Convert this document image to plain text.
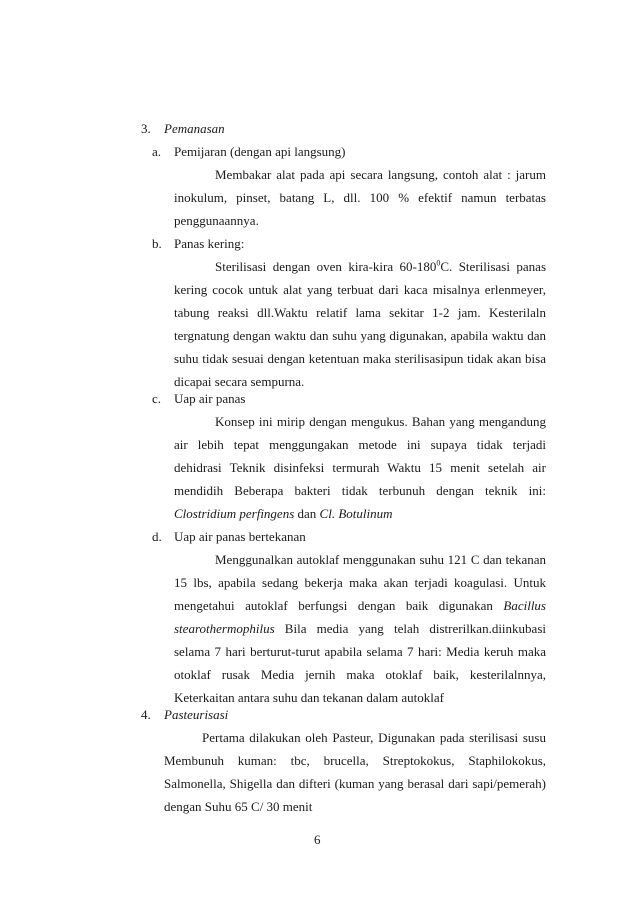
3. Pemanasan
a. Pemijaran (dengan api langsung)
Membakar alat pada api secara langsung, contoh alat : jarum
inokulum, pinset, batang L, dll. 100 % efektif namun terbatas
penggunaannya.
b. Panas kering:
Sterilisasi dengan oven kira-kira $60-180^0C$. Sterilisasi panas
kering cocok untuk alat yang terbuat dari kaca misalnya erlenmeyer,
tabung reaksi dll.Waktu relatif lama sekitar 1-2 jam. Kesterilaln
tergnatung dengan waktu dan suhu yang digunakan, apabila waktu dan
suhu tidak sesuai dengan ketentuan maka sterilisasipun tidak akan bisa
dicapai secara sempurna.
c. Uap air panas
Konsep ini mirip dengan mengukus. Bahan yang mengandung
air lebih tepat menggungakan metode ini supaya tidak terjadi
dehidrasi Teknik disinfeksi termurah Waktu 15 menit setelah air
mendidih Beberapa bakteri tidak terbunuh dengan teknik ini:
Clostridium perfingens dan Cl. Botulinum
d. Uap air panas bertekanan
Menggunalkan autoklaf menggunakan suhu 121 C dan tekanan
15 lbs, apabila sedang bekerja maka akan terjadi koagulasi. Untuk
mengetahui autoklaf berfungsi dengan baik digunakan Bacillus
stearothermophilus Bila media yang telah distrerilkan.diinkubasi
selama 7 hari berturut-turut apabila selama 7 hari: Media keruh maka
otoklaf rusak Media jernih maka otoklaf baik, kesterilalnnya,
Keterkaitan antara suhu dan tekanan dalam autoklaf
4. Pasteurisasi
Pertama dilakukan oleh Pasteur, Digunakan pada sterilisasi susu
Membunuh kuman: tbc, brucella, Streptokokus, Staphilokokus,
Salmonella, Shigella dan difteri (kuman yang berasal dari sapi/pemerah)
dengan Suhu 65 C/ 30 menit
6
